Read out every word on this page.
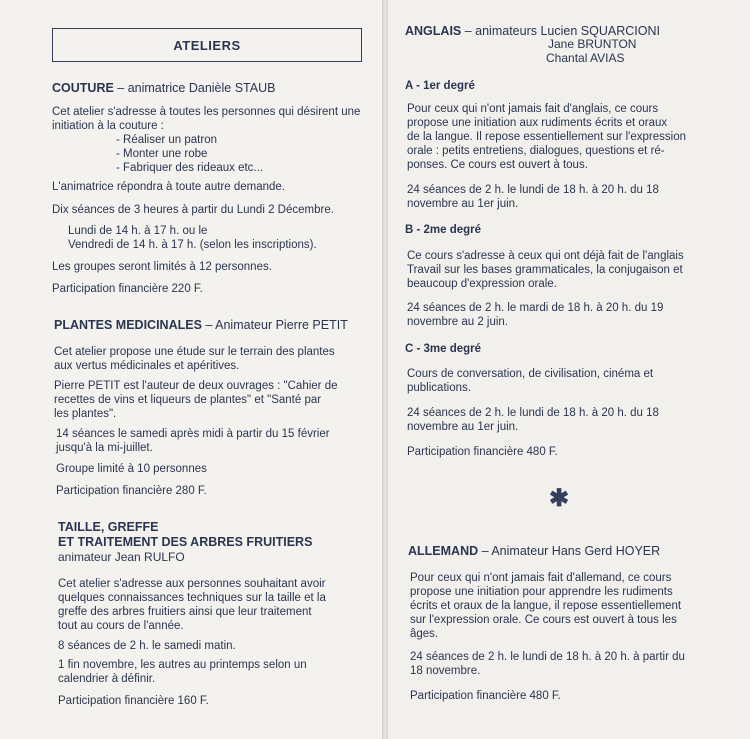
ATELIERS
COUTURE – animatrice Danièle STAUB
Cet atelier s'adresse à toutes les personnes qui désirent une
initiation à la couture :
- Réaliser un patron
- Monter une robe
- Fabriquer des rideaux etc...
L'animatrice répondra à toute autre demande.
Dix séances de 3 heures à partir du Lundi 2 Décembre.
Lundi de 14 h. à 17 h. ou le
Vendredi de 14 h. à 17 h. (selon les inscriptions).
Les groupes seront limités à 12 personnes.
Participation financière 220 F.
PLANTES MEDICINALES – Animateur Pierre PETIT
Cet atelier propose une étude sur le terrain des plantes
aux vertus médicinales et apéritives.
Pierre PETIT est l'auteur de deux ouvrages : "Cahier de
recettes de vins et liqueurs de plantes" et "Santé par
les plantes".
14 séances le samedi après midi à partir du 15 février
jusqu'à la mi-juillet.
Groupe limité à 10 personnes
Participation financière 280 F.
TAILLE, GREFFE
ET TRAITEMENT DES ARBRES FRUITIERS
animateur Jean RULFO
Cet atelier s'adresse aux personnes souhaitant avoir
quelques connaissances techniques sur la taille et la
greffe des arbres fruitiers ainsi que leur traitement
tout au cours de l'année.
8 séances de 2 h. le samedi matin.
1 fin novembre, les autres au printemps selon un
calendrier à définir.
Participation financière 160 F.
ANGLAIS – animateurs Lucien SQUARCIONI
Jane BRUNTON
Chantal AVIAS
A - 1er degré
Pour ceux qui n'ont jamais fait d'anglais, ce cours
propose une initiation aux rudiments écrits et oraux
de la langue. Il repose essentiellement sur l'expression
orale : petits entretiens, dialogues, questions et ré-
ponses. Ce cours est ouvert à tous.
24 séances de 2 h. le lundi de 18 h. à 20 h. du 18
novembre au 1er juin.
B - 2me degré
Ce cours s'adresse à ceux qui ont déjà fait de l'anglais
Travail sur les bases grammaticales, la conjugaison et
beaucoup d'expression orale.
24 séances de 2 h. le mardi de 18 h. à 20 h. du 19
novembre au 2 juin.
C - 3me degré
Cours de conversation, de civilisation, cinéma et
publications.
24 séances de 2 h. le lundi de 18 h. à 20 h. du 18
novembre au 1er juin.
Participation financière 480 F.
✱
ALLEMAND – Animateur Hans Gerd HOYER
Pour ceux qui n'ont jamais fait d'allemand, ce cours
propose une initiation pour apprendre les rudiments
écrits et oraux de la langue, il repose essentiellement
sur l'expression orale. Ce cours est ouvert à tous les
âges.
24 séances de 2 h. le lundi de 18 h. à 20 h. à partir du
18 novembre.
Participation financière 480 F.
